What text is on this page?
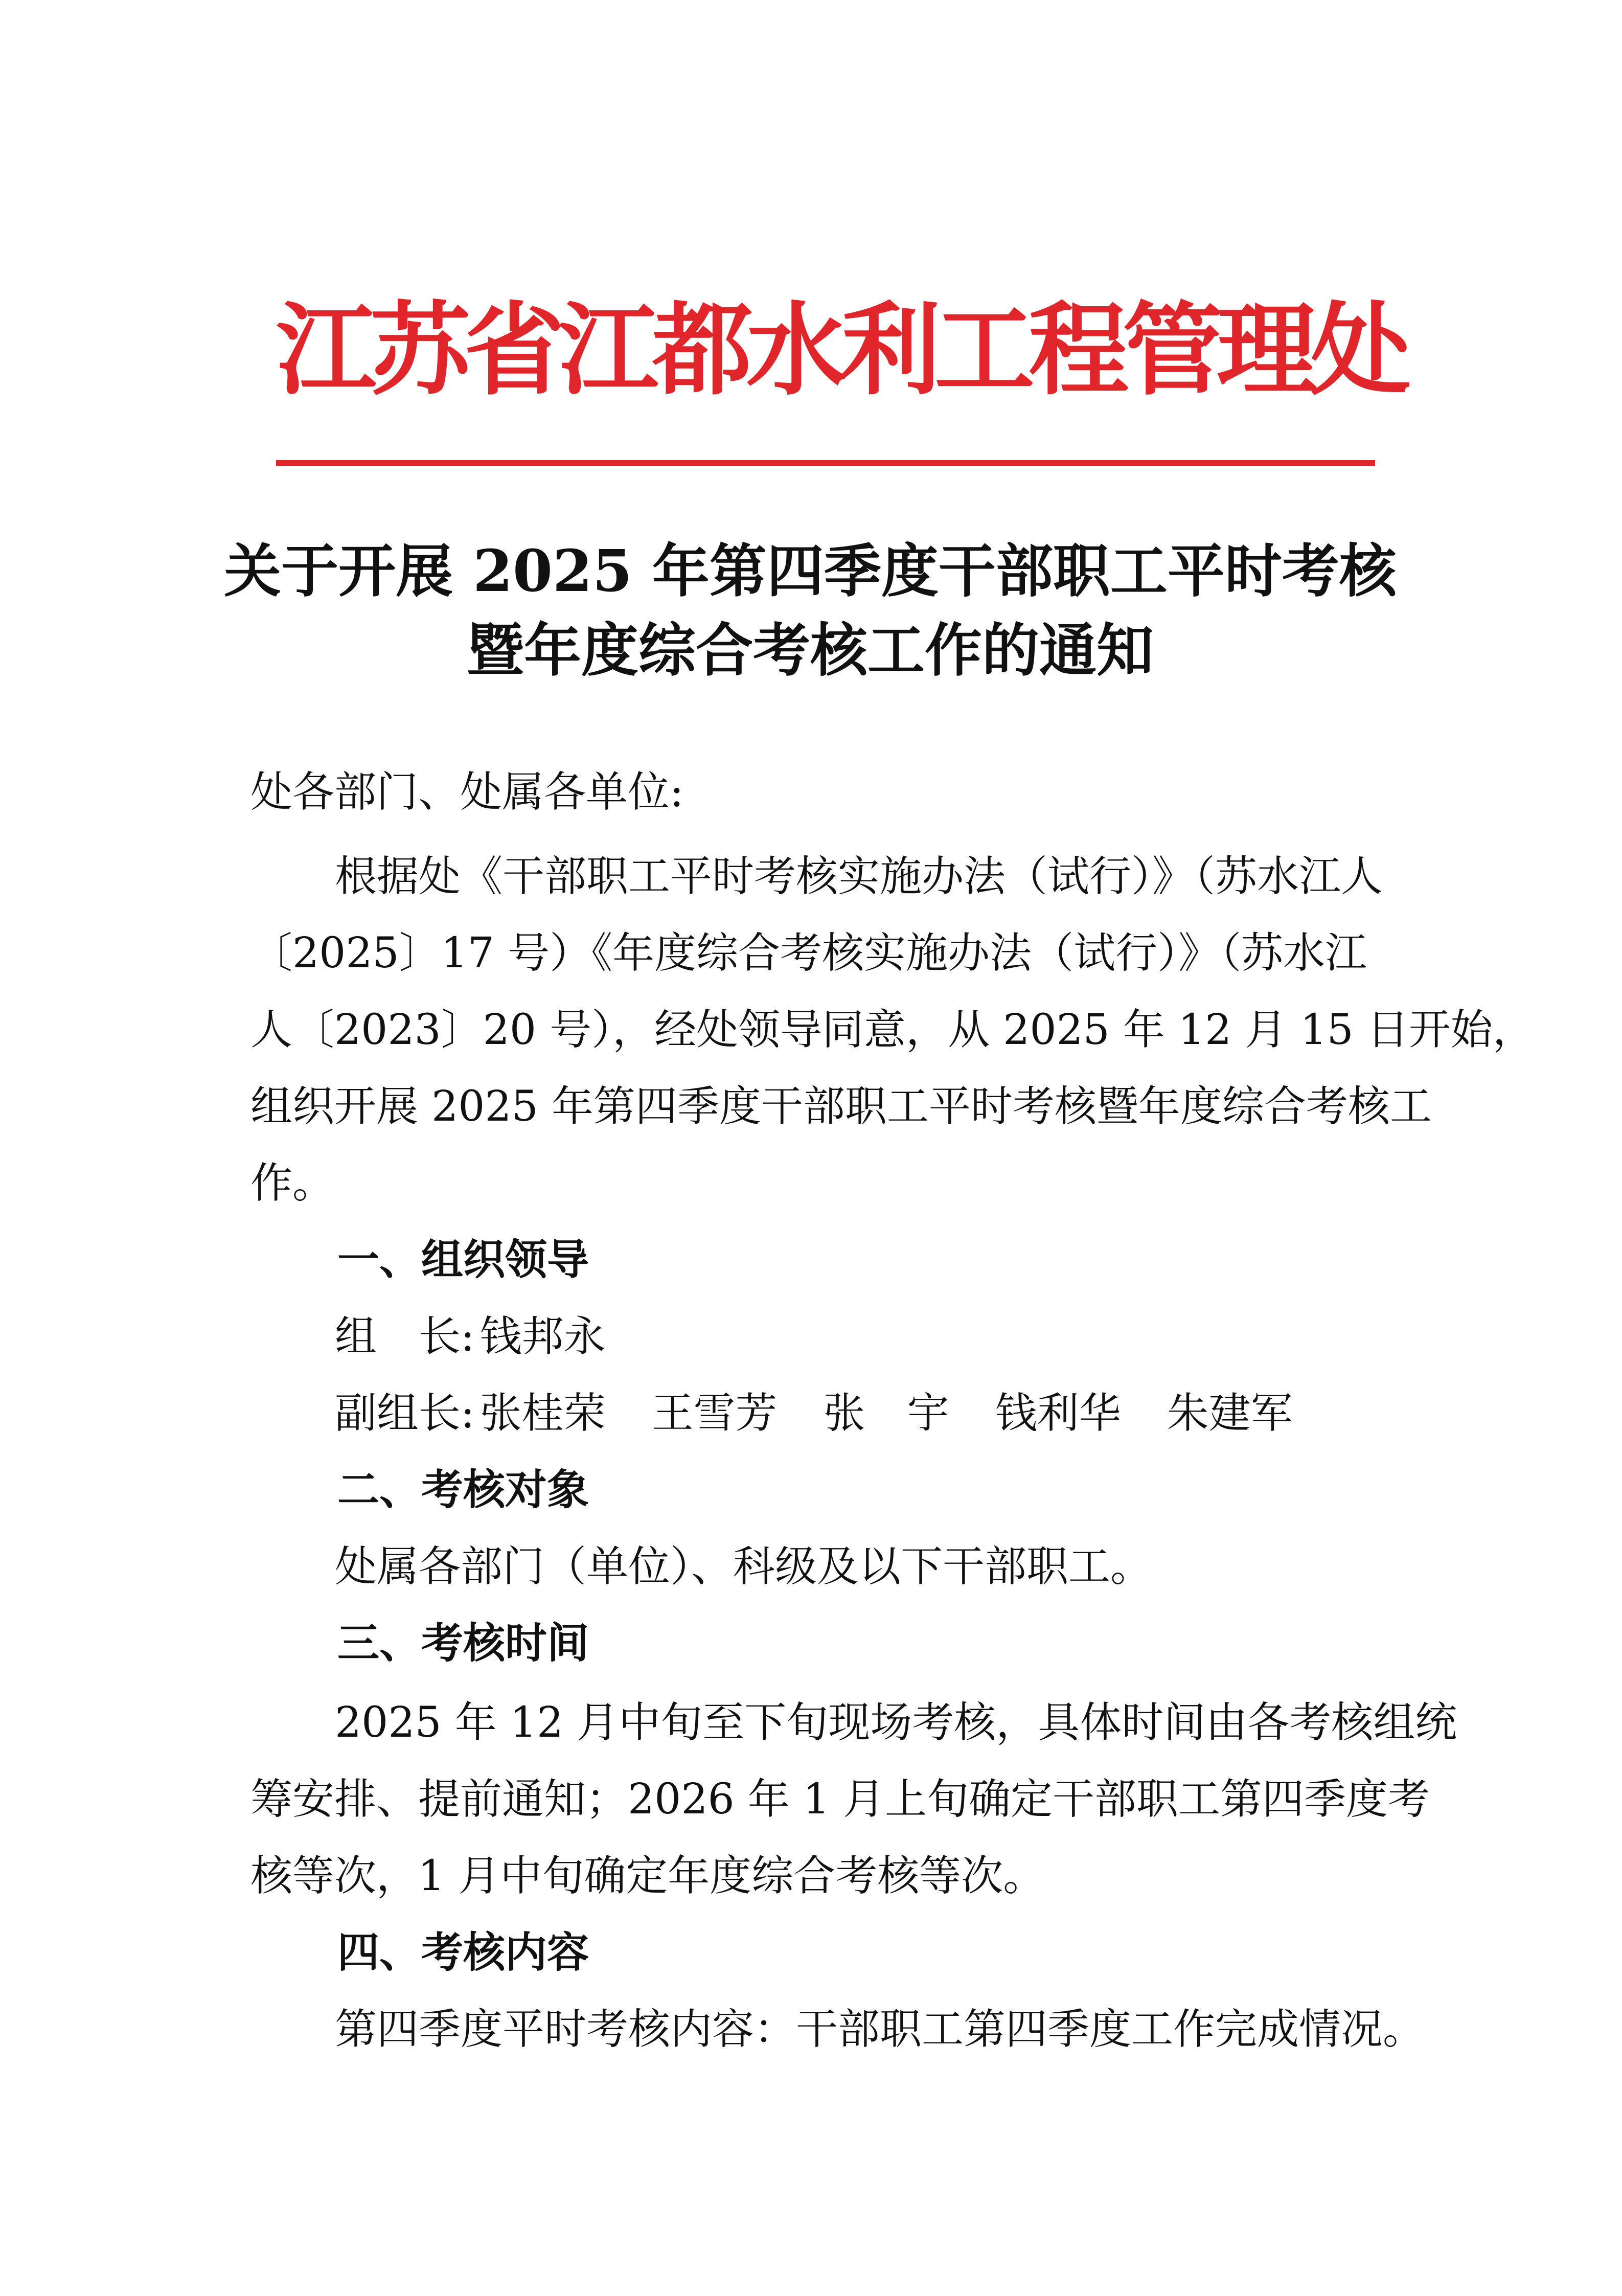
江苏省江都水利工程管理处
关于开展 2025 年第四季度干部职工平时考核
暨年度综合考核工作的通知
处各部门、处属各单位:
根据处《干部职工平时考核实施办法（试行）》（苏水江人
〔2025〕17 号）《年度综合考核实施办法（试行）》（苏水江
人〔2023〕20 号），经处领导同意，从 2025 年 12 月 15 日开始，
组织开展 2025 年第四季度干部职工平时考核暨年度综合考核工
作。
一、组织领导
组　长: 钱邦永
副组长: 张桂荣 王雪芳 张　宇 钱利华 朱建军
二、考核对象
处属各部门（单位）、科级及以下干部职工。
三、考核时间
2025 年 12 月中旬至下旬现场考核，具体时间由各考核组统
筹安排、提前通知；2026 年 1 月上旬确定干部职工第四季度考
核等次，1 月中旬确定年度综合考核等次。
四、考核内容
第四季度平时考核内容：干部职工第四季度工作完成情况。
